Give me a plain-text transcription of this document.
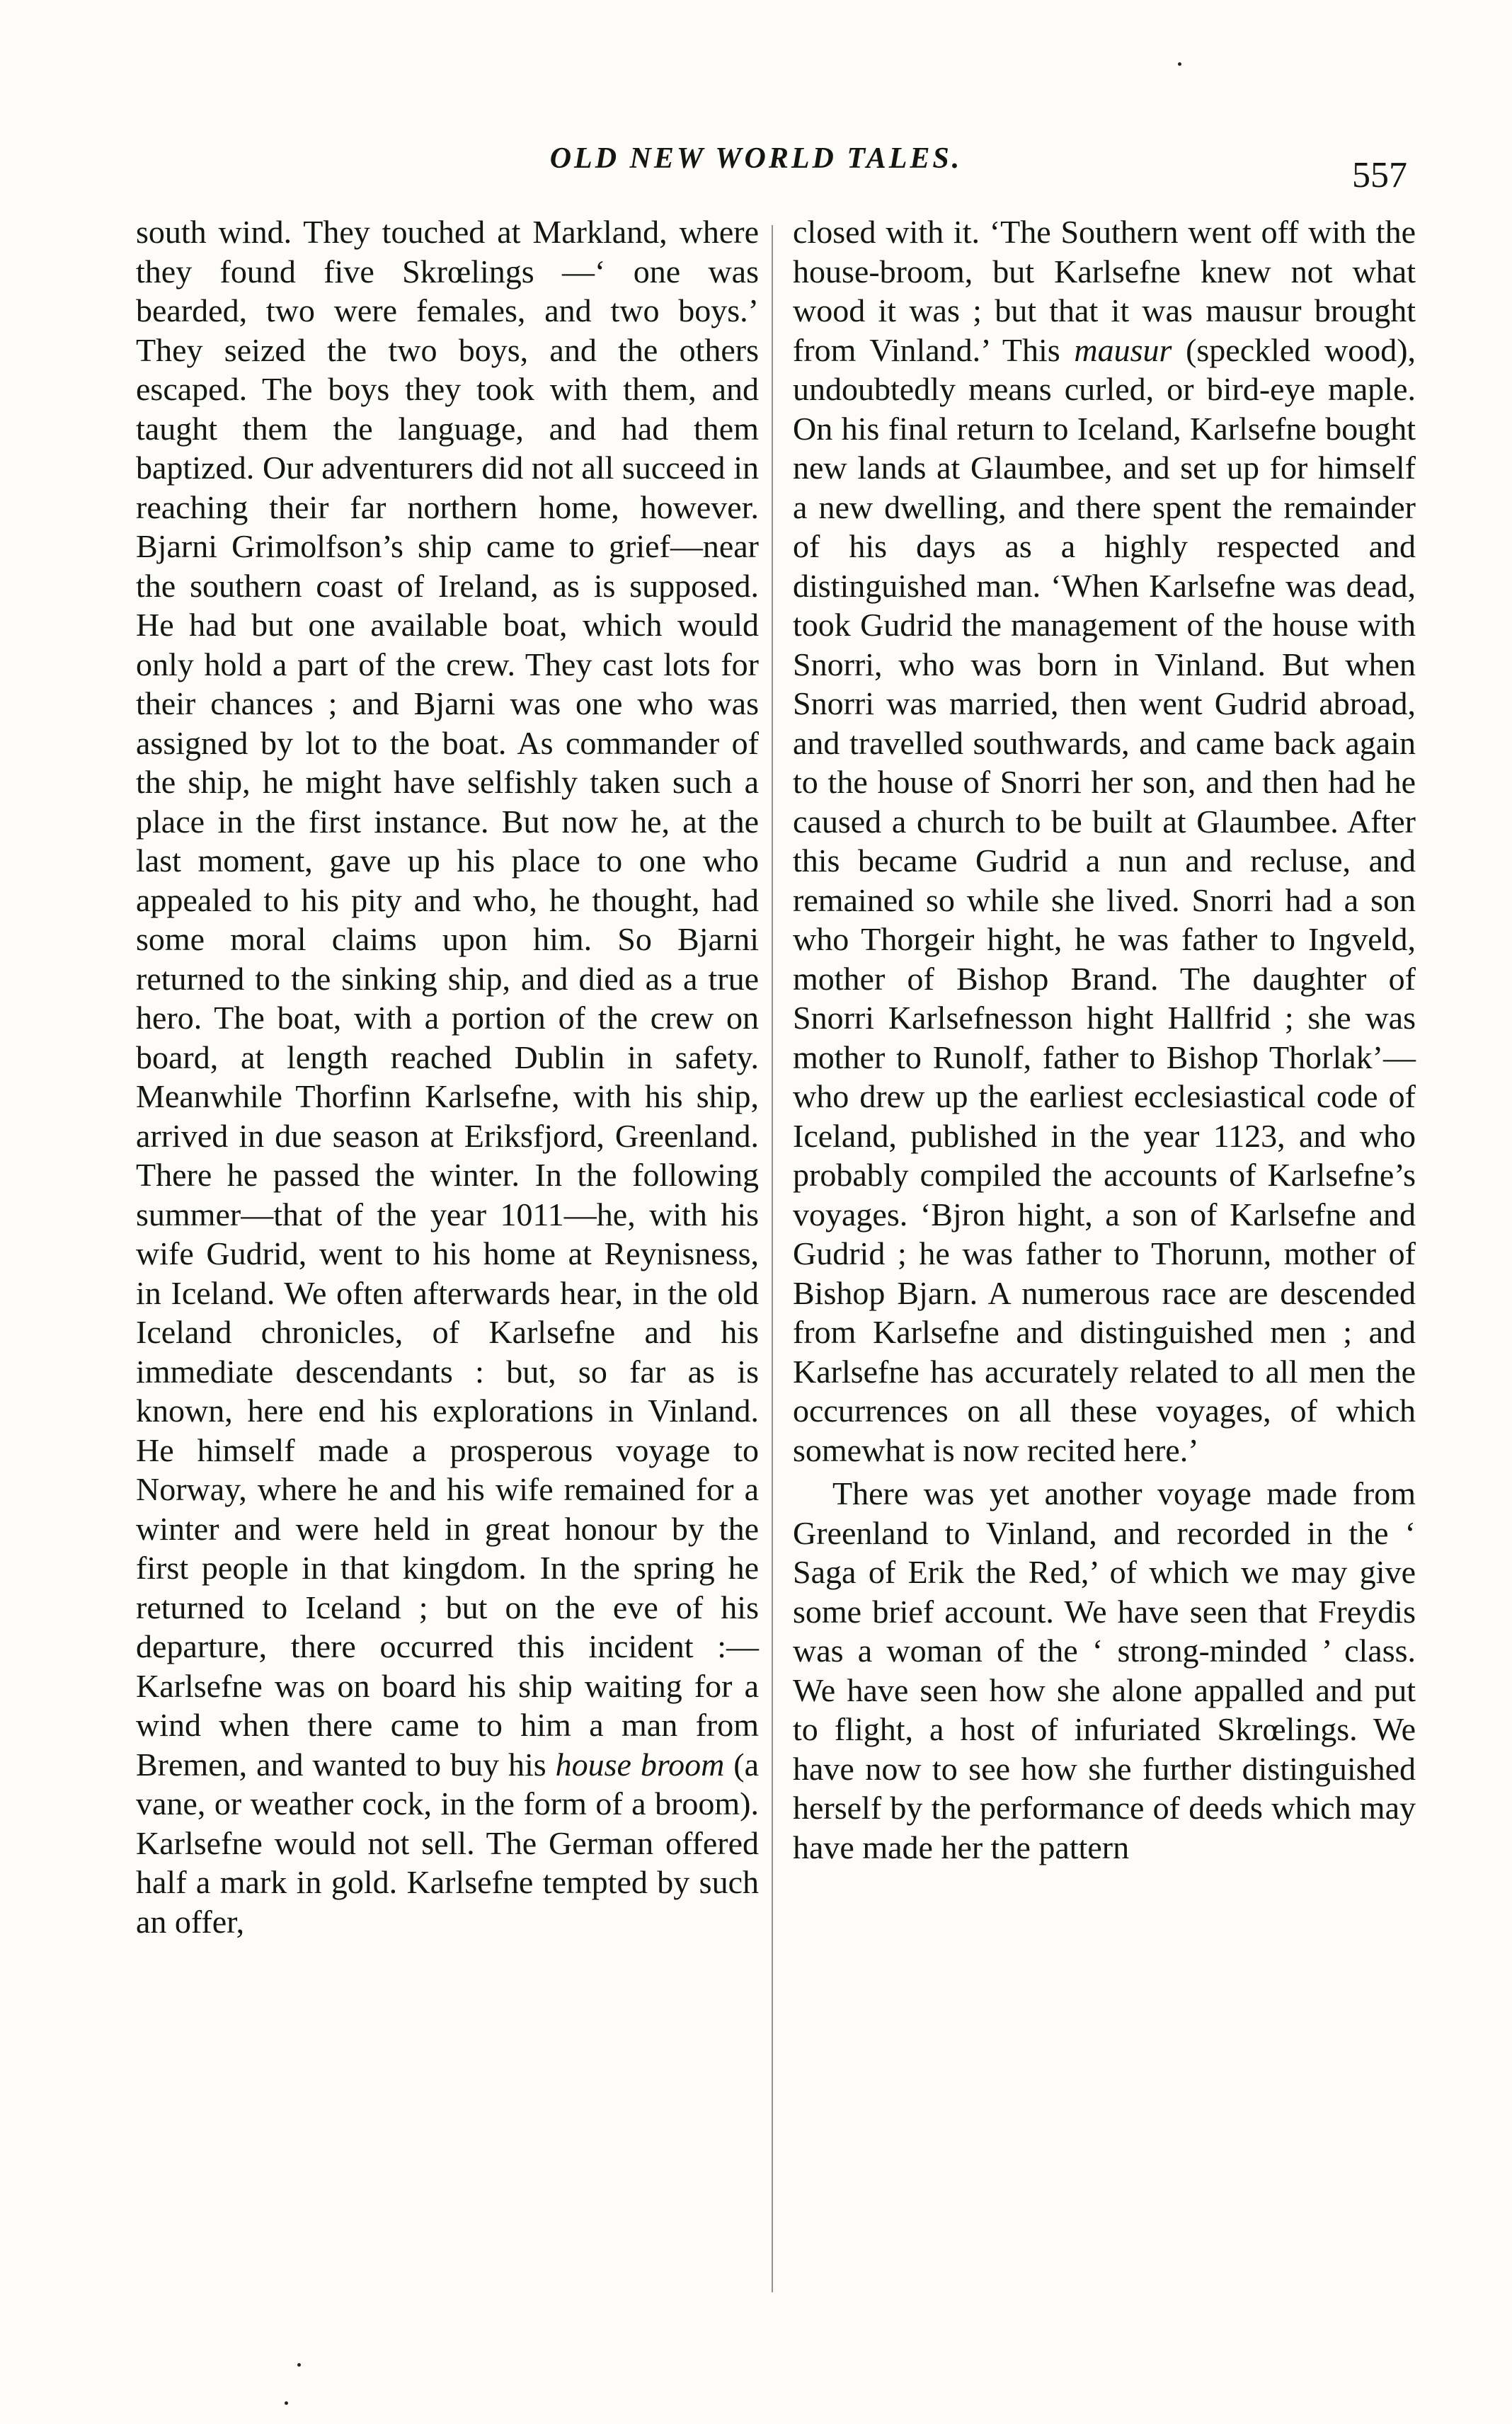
OLD NEW WORLD TALES.	557

south wind. They touched at Markland, where they found five Skrœlings —‘ one was bearded, two were females, and two boys.’ They seized the two boys, and the others escaped. The boys they took with them, and taught them the language, and had them baptized. Our adventurers did not all succeed in reaching their far northern home, however. Bjarni Grimolfson’s ship came to grief—near the southern coast of Ireland, as is supposed. He had but one available boat, which would only hold a part of the crew. They cast lots for their chances ; and Bjarni was one who was assigned by lot to the boat. As commander of the ship, he might have selfishly taken such a place in the first instance. But now he, at the last moment, gave up his place to one who appealed to his pity and who, he thought, had some moral claims upon him. So Bjarni returned to the sinking ship, and died as a true hero. The boat, with a portion of the crew on board, at length reached Dublin in safety. Meanwhile Thorfinn Karlsefne, with his ship, arrived in due season at Eriksfjord, Greenland. There he passed the winter. In the following summer—that of the year 1011—he, with his wife Gudrid, went to his home at Reynisness, in Iceland. We often afterwards hear, in the old Iceland chronicles, of Karlsefne and his immediate descendants : but, so far as is known, here end his explorations in Vinland. He himself made a prosperous voyage to Norway, where he and his wife remained for a winter and were held in great honour by the first people in that kingdom. In the spring he returned to Iceland ; but on the eve of his departure, there occurred this incident :— Karlsefne was on board his ship waiting for a wind when there came to him a man from Bremen, and wanted to buy his house broom (a vane, or weather cock, in the form of a broom). Karlsefne would not sell. The German offered half a mark in gold. Karlsefne tempted by such an offer,

closed with it. ‘The Southern went off with the house-broom, but Karlsefne knew not what wood it was ; but that it was mausur brought from Vinland.’ This mausur (speckled wood), undoubtedly means curled, or bird-eye maple. On his final return to Iceland, Karlsefne bought new lands at Glaumbee, and set up for himself a new dwelling, and there spent the remainder of his days as a highly respected and distinguished man. ‘When Karlsefne was dead, took Gudrid the management of the house with Snorri, who was born in Vinland. But when Snorri was married, then went Gudrid abroad, and travelled southwards, and came back again to the house of Snorri her son, and then had he caused a church to be built at Glaumbee. After this became Gudrid a nun and recluse, and remained so while she lived. Snorri had a son who Thorgeir hight, he was father to Ingveld, mother of Bishop Brand. The daughter of Snorri Karlsefnesson hight Hallfrid ; she was mother to Runolf, father to Bishop Thorlak’— who drew up the earliest ecclesiastical code of Iceland, published in the year 1123, and who probably compiled the accounts of Karlsefne’s voyages. ‘Bjron hight, a son of Karlsefne and Gudrid ; he was father to Thorunn, mother of Bishop Bjarn. A numerous race are descended from Karlsefne and distinguished men ; and Karlsefne has accurately related to all men the occurrences on all these voyages, of which somewhat is now recited here.’

There was yet another voyage made from Greenland to Vinland, and recorded in the ‘ Saga of Erik the Red,’ of which we may give some brief account. We have seen that Freydis was a woman of the ‘ strong-minded ’ class. We have seen how she alone appalled and put to flight, a host of infuriated Skrœlings. We have now to see how she further distinguished herself by the performance of deeds which may have made her the pattern
